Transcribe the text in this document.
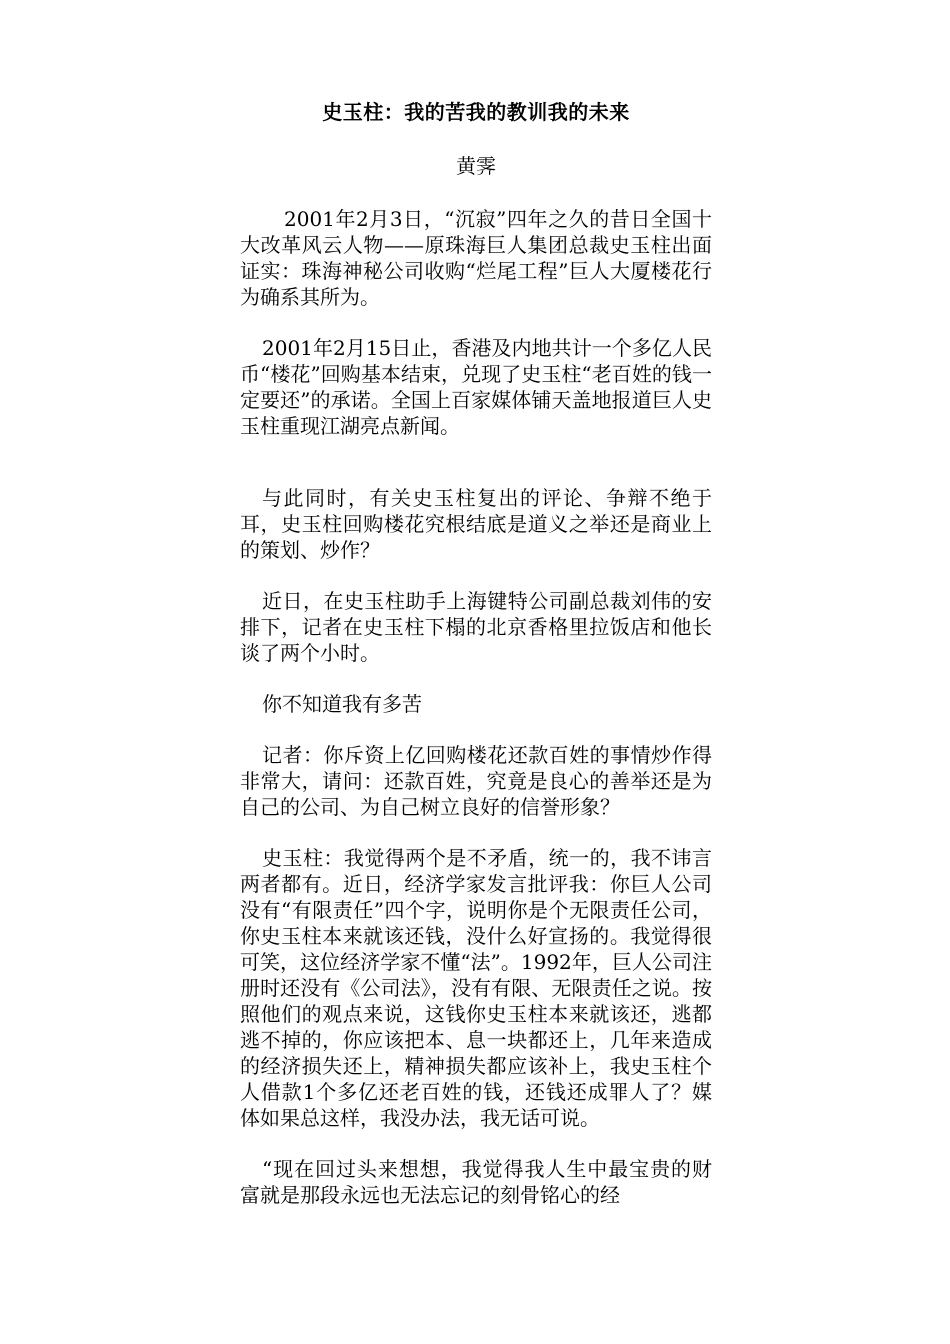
史玉柱：我的苦我的教训我的未来
黄霁

2001年2月3日，“沉寂”四年之久的昔日全国十大改革风云人物——原珠海巨人集团总裁史玉柱出面证实：珠海神秘公司收购“烂尾工程”巨人大厦楼花行为确系其所为。

2001年2月15日止，香港及内地共计一个多亿人民币“楼花”回购基本结束，兑现了史玉柱“老百姓的钱一定要还”的承诺。全国上百家媒体铺天盖地报道巨人史玉柱重现江湖亮点新闻。

与此同时，有关史玉柱复出的评论、争辩不绝于耳，史玉柱回购楼花究根结底是道义之举还是商业上的策划、炒作？

近日，在史玉柱助手上海键特公司副总裁刘伟的安排下，记者在史玉柱下榻的北京香格里拉饭店和他长谈了两个小时。

你不知道我有多苦

记者：你斥资上亿回购楼花还款百姓的事情炒作得非常大，请问：还款百姓，究竟是良心的善举还是为自己的公司、为自己树立良好的信誉形象？

史玉柱：我觉得两个是不矛盾，统一的，我不讳言两者都有。近日，经济学家发言批评我：你巨人公司没有“有限责任”四个字，说明你是个无限责任公司，你史玉柱本来就该还钱，没什么好宣扬的。我觉得很可笑，这位经济学家不懂“法”。1992年，巨人公司注册时还没有《公司法》，没有有限、无限责任之说。按照他们的观点来说，这钱你史玉柱本来就该还，逃都逃不掉的，你应该把本、息一块都还上，几年来造成的经济损失还上，精神损失都应该补上，我史玉柱个人借款1个多亿还老百姓的钱，还钱还成罪人了？媒体如果总这样，我没办法，我无话可说。

“现在回过头来想想，我觉得我人生中最宝贵的财富就是那段永远也无法忘记的刻骨铭心的经
